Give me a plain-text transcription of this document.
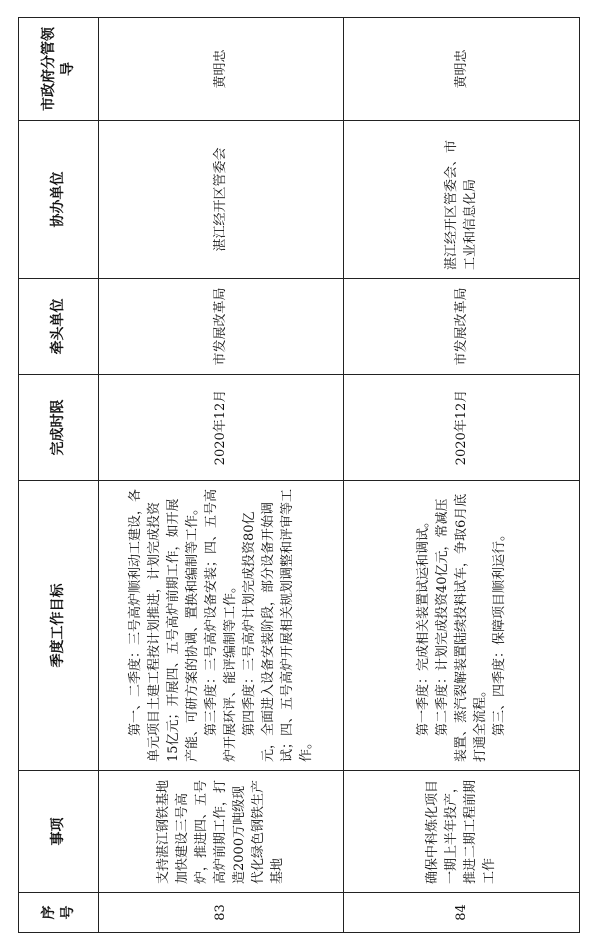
序号	事项	季度工作目标	完成时限	牵头单位	协办单位	市政府分管领导
83	支持湛江钢铁基地加快建设三号高炉，推进四、五号高炉前期工作，打造2000万吨级现代化绿色钢铁生产基地	第一、二季度：三号高炉顺利动工建设，各单元项目土建工程按计划推进，计划完成投资15亿元；开展四、五号高炉前期工作，如开展产能、可研方案的协调、置换和编制等工作。 第三季度：三号高炉设备安装；四、五号高炉开展环评、能评编制等工作。 第四季度：三号高炉计划完成投资80亿元，全面进入设备安装阶段，部分设备开始调试；四、五号高炉开展相关规划调整和评审等工作。	2020年12月	市发展改革局	湛江经开区管委会	黄明忠
84	确保中科炼化项目一期上半年投产，推进二期工程前期工作	第一季度：完成相关装置试运和调试。 第二季度：计划完成投资40亿元，常减压装置、蒸汽裂解装置陆续投料试车，争取6月底打通全流程。 第三、四季度：保障项目顺利运行。	2020年12月	市发展改革局	湛江经开区管委会、市工业和信息化局	黄明忠
